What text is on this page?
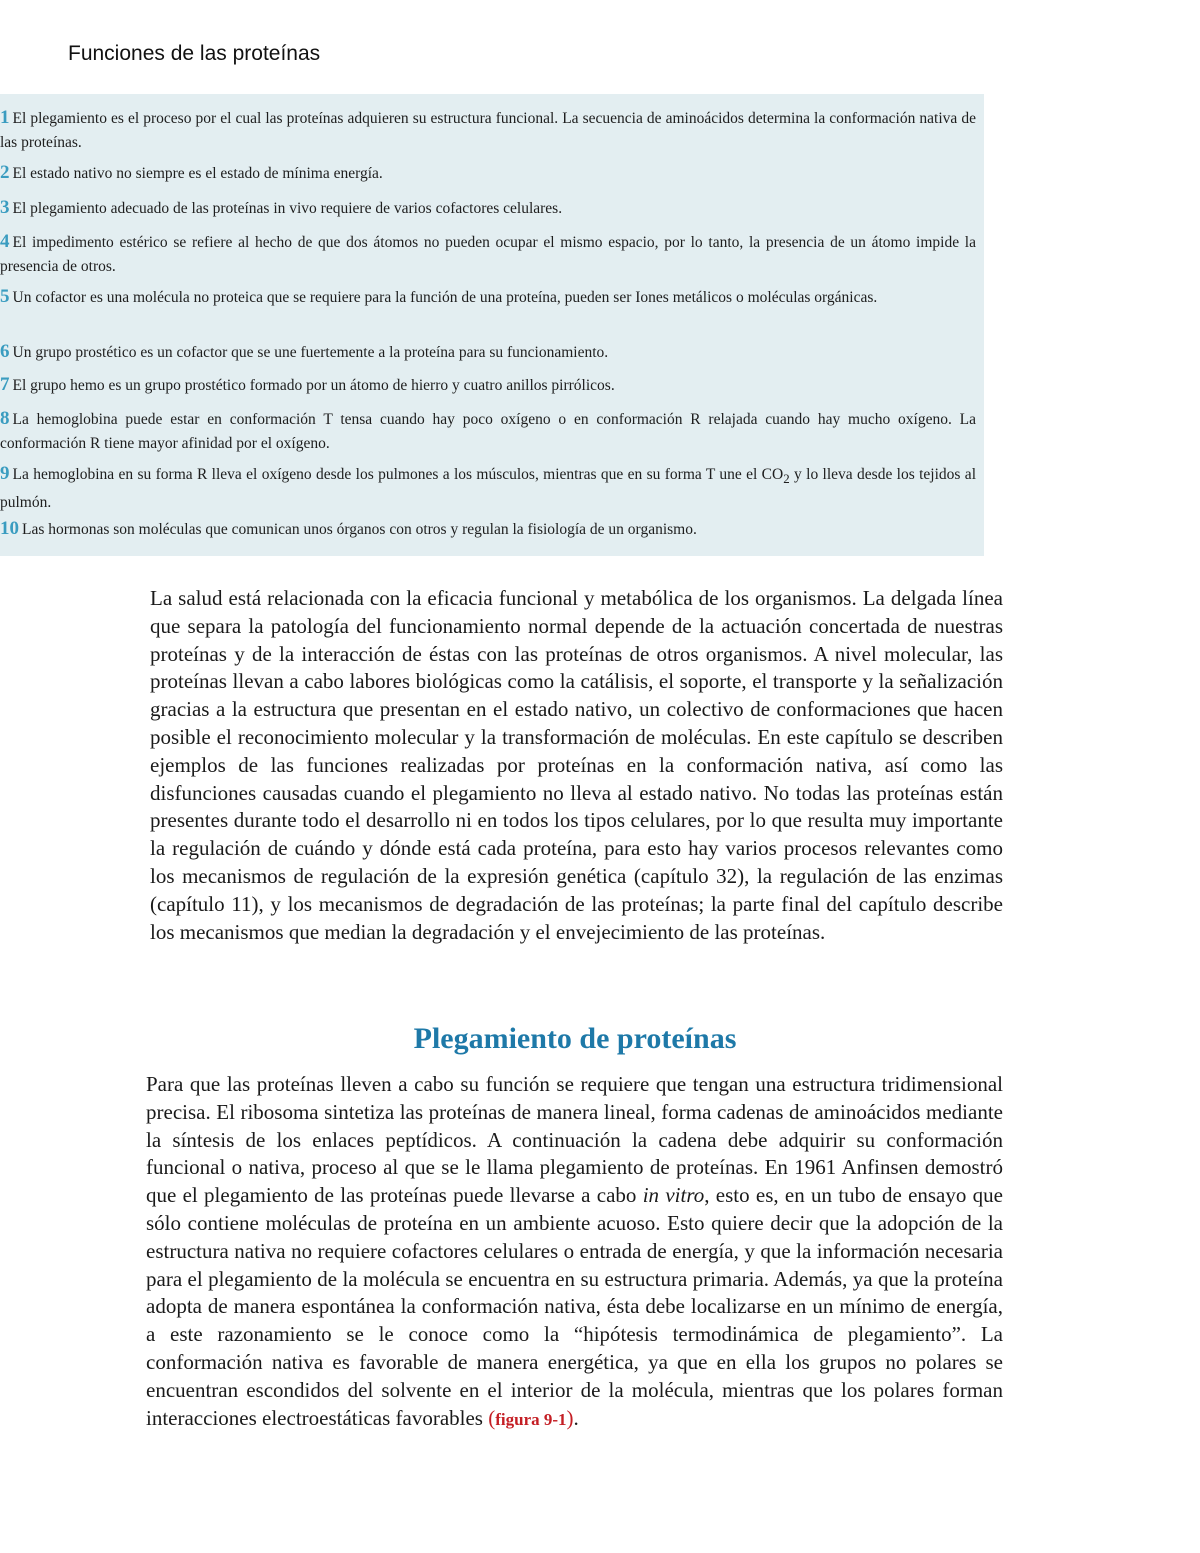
Funciones de las proteínas
1 El plegamiento es el proceso por el cual las proteínas adquieren su estructura funcional. La secuencia de aminoácidos determina la conformación nativa de las proteínas.
2 El estado nativo no siempre es el estado de mínima energía.
3 El plegamiento adecuado de las proteínas in vivo requiere de varios cofactores celulares.
4 El impedimento estérico se refiere al hecho de que dos átomos no pueden ocupar el mismo espacio, por lo tanto, la presencia de un átomo impide la presencia de otros.
5 Un cofactor es una molécula no proteica que se requiere para la función de una proteína, pueden ser Iones metálicos o moléculas orgánicas.
6 Un grupo prostético es un cofactor que se une fuertemente a la proteína para su funcionamiento.
7 El grupo hemo es un grupo prostético formado por un átomo de hierro y cuatro anillos pirrólicos.
8 La hemoglobina puede estar en conformación T tensa cuando hay poco oxígeno o en conformación R relajada cuando hay mucho oxígeno. La conformación R tiene mayor afinidad por el oxígeno.
9 La hemoglobina en su forma R lleva el oxígeno desde los pulmones a los músculos, mientras que en su forma T une el $CO_2$ y lo lleva desde los tejidos al pulmón.
10 Las hormonas son moléculas que comunican unos órganos con otros y regulan la fisiología de un organismo.
La salud está relacionada con la eficacia funcional y metabólica de los organismos. La delgada línea que separa la patología del funcionamiento normal depende de la actuación concertada de nuestras proteínas y de la interacción de éstas con las proteínas de otros organismos. A nivel molecular, las proteínas llevan a cabo labores biológicas como la catálisis, el soporte, el transporte y la señalización gracias a la estructura que presentan en el estado nativo, un colectivo de conformaciones que hacen posible el reconocimiento molecular y la transformación de moléculas. En este capítulo se describen ejemplos de las funciones realizadas por proteínas en la conformación nativa, así como las disfunciones causadas cuando el plegamiento no lleva al estado nativo. No todas las proteínas están presentes durante todo el desarrollo ni en todos los tipos celulares, por lo que resulta muy importante la regulación de cuándo y dónde está cada proteína, para esto hay varios procesos relevantes como los mecanismos de regulación de la expresión genética (capítulo 32), la regulación de las enzimas (capítulo 11), y los mecanismos de degradación de las proteínas; la parte final del capítulo describe los mecanismos que median la degradación y el envejecimiento de las proteínas.
Plegamiento de proteínas
Para que las proteínas lleven a cabo su función se requiere que tengan una estructura tridimensional precisa. El ribosoma sintetiza las proteínas de manera lineal, forma cadenas de aminoácidos mediante la síntesis de los enlaces peptídicos. A continuación la cadena debe adquirir su conformación funcional o nativa, proceso al que se le llama plegamiento de proteínas. En 1961 Anfinsen demostró que el plegamiento de las proteínas puede llevarse a cabo in vitro, esto es, en un tubo de ensayo que sólo contiene moléculas de proteína en un ambiente acuoso. Esto quiere decir que la adopción de la estructura nativa no requiere cofactores celulares o entrada de energía, y que la información necesaria para el plegamiento de la molécula se encuentra en su estructura primaria. Además, ya que la proteína adopta de manera espontánea la conformación nativa, ésta debe localizarse en un mínimo de energía, a este razonamiento se le conoce como la “hipótesis termodinámica de plegamiento”. La conformación nativa es favorable de manera energética, ya que en ella los grupos no polares se encuentran escondidos del solvente en el interior de la molécula, mientras que los polares forman interacciones electroestáticas favorables (figura 9-1).
